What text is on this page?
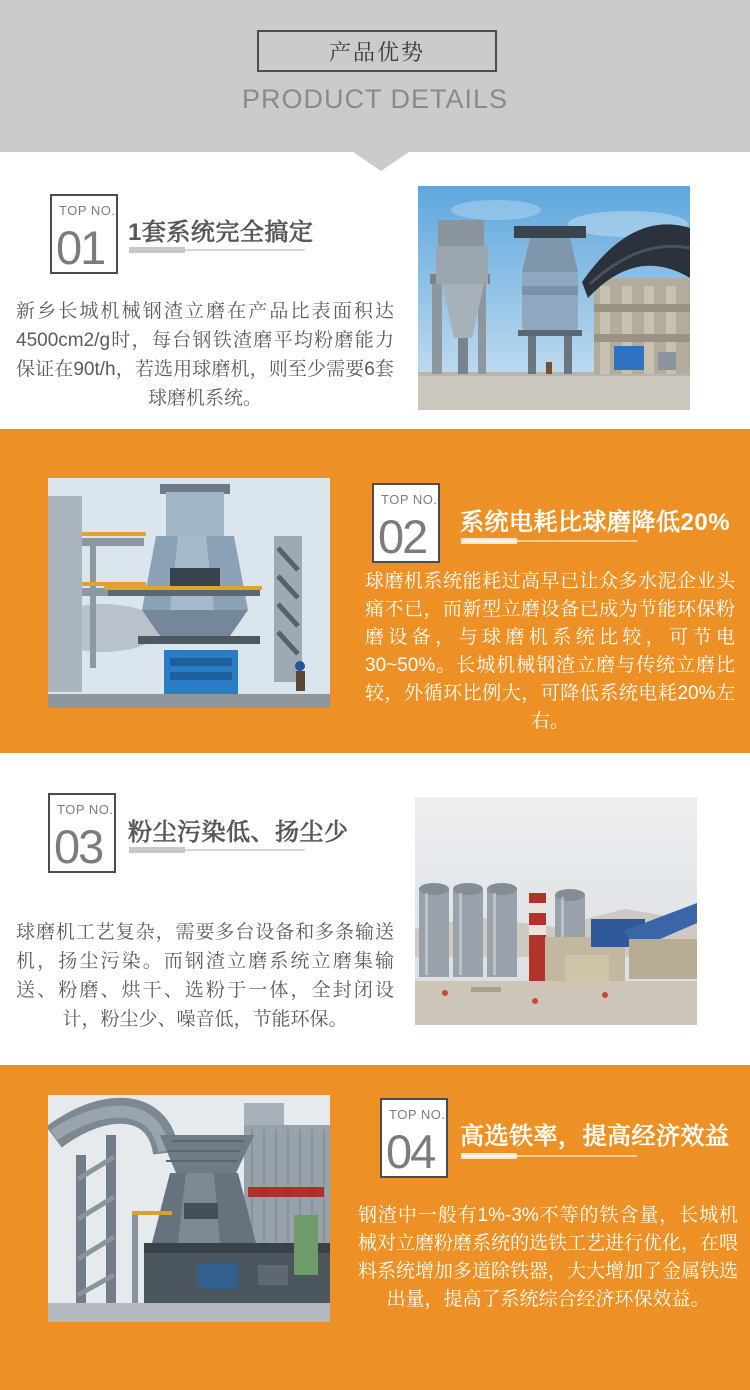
产品优势
PRODUCT DETAILS
TOP NO.
01 1套系统完全搞定

新乡长城机械钢渣立磨在产品比表面积达4500cm2/g时，每台钢铁渣磨平均粉磨能力保证在90t/h，若选用球磨机，则至少需要6套球磨机系统。

TOP NO.
02 系统电耗比球磨降低20%

球磨机系统能耗过高早已让众多水泥企业头痛不已，而新型立磨设备已成为节能环保粉磨设备，与球磨机系统比较，可节电30~50%。长城机械钢渣立磨与传统立磨比较，外循环比例大，可降低系统电耗20%左右。

TOP NO.
03 粉尘污染低、扬尘少

球磨机工艺复杂，需要多台设备和多条输送机，扬尘污染。而钢渣立磨系统立磨集输送、粉磨、烘干、选粉于一体，全封闭设计，粉尘少、噪音低，节能环保。

TOP NO.
04 高选铁率，提高经济效益

钢渣中一般有1%-3%不等的铁含量，长城机械对立磨粉磨系统的选铁工艺进行优化，在喂料系统增加多道除铁器，大大增加了金属铁选出量，提高了系统综合经济环保效益。
